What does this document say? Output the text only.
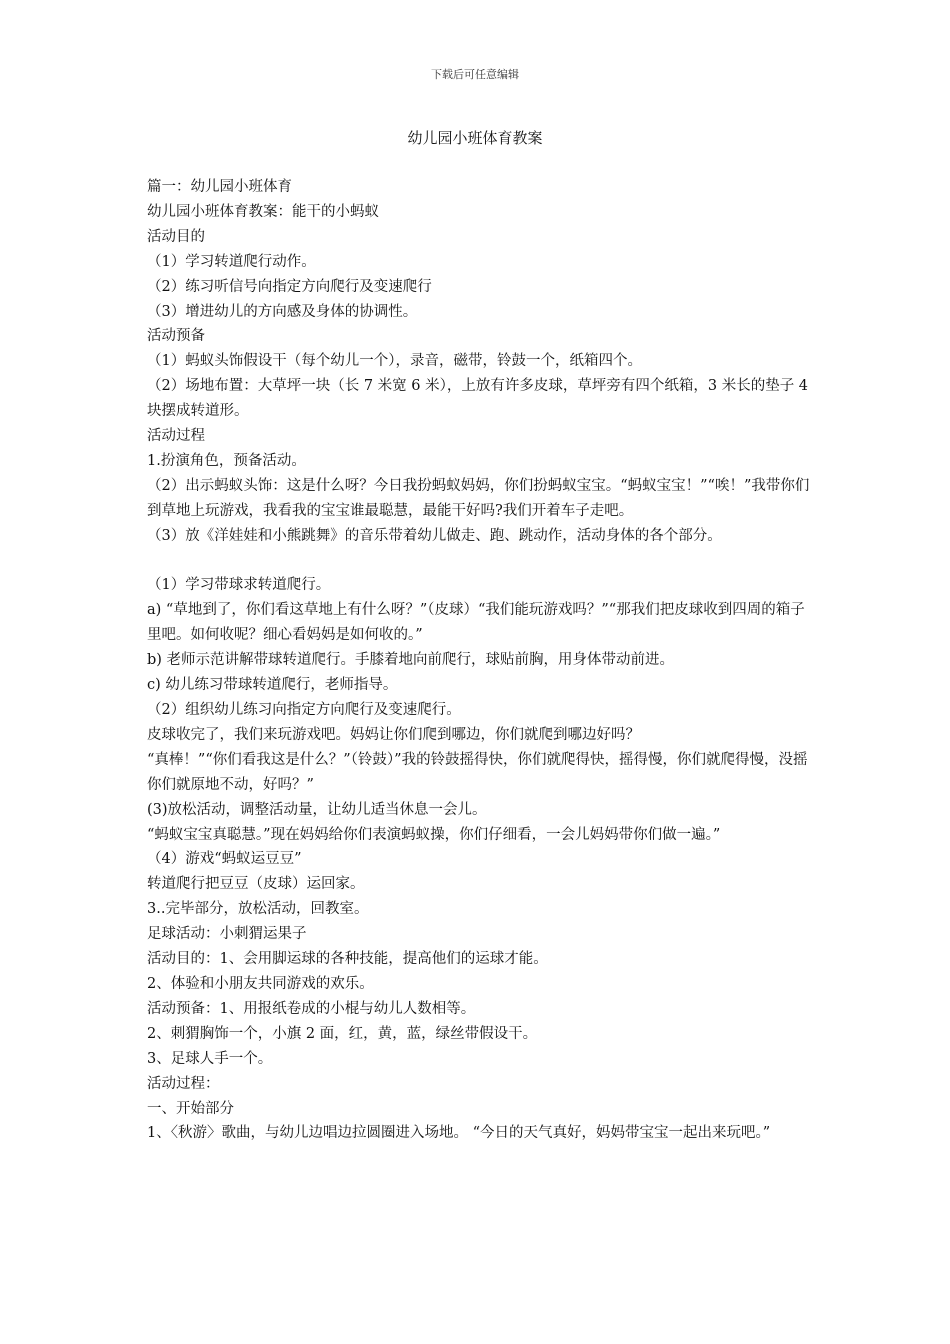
下载后可任意编辑
幼儿园小班体育教案

篇一：幼儿园小班体育

幼儿园小班体育教案：能干的小蚂蚁

活动目的

（1）学习转道爬行动作。

（2）练习听信号向指定方向爬行及变速爬行

（3）增进幼儿的方向感及身体的协调性。

活动预备

（1）蚂蚁头饰假设干（每个幼儿一个），录音，磁带，铃鼓一个，纸箱四个。

（2）场地布置：大草坪一块（长 7 米宽 6 米），上放有许多皮球，草坪旁有四个纸箱，3 米长的垫子 4 块摆成转道形。

活动过程

1.扮演角色，预备活动。

（2）出示蚂蚁头饰：这是什么呀？今日我扮蚂蚁妈妈，你们扮蚂蚁宝宝。“蚂蚁宝宝！”“唉！”我带你们到草地上玩游戏，我看我的宝宝谁最聪慧，最能干好吗?我们开着车子走吧。

（3）放《洋娃娃和小熊跳舞》的音乐带着幼儿做走、跑、跳动作，活动身体的各个部分。

（1）学习带球求转道爬行。

a) “草地到了，你们看这草地上有什么呀？”（皮球）“我们能玩游戏吗？”“那我们把皮球收到四周的箱子里吧。如何收呢？细心看妈妈是如何收的。”

b) 老师示范讲解带球转道爬行。手膝着地向前爬行，球贴前胸，用身体带动前进。

c) 幼儿练习带球转道爬行，老师指导。

（2）组织幼儿练习向指定方向爬行及变速爬行。

皮球收完了，我们来玩游戏吧。妈妈让你们爬到哪边，你们就爬到哪边好吗？

“真棒！”“你们看我这是什么？”（铃鼓）”我的铃鼓摇得快，你们就爬得快，摇得慢，你们就爬得慢，没摇你们就原地不动，好吗？”

(3)放松活动，调整活动量，让幼儿适当休息一会儿。

“蚂蚁宝宝真聪慧。”现在妈妈给你们表演蚂蚁操，你们仔细看，一会儿妈妈带你们做一遍。”

（4）游戏“蚂蚁运豆豆”

转道爬行把豆豆（皮球）运回家。

3..完毕部分，放松活动，回教室。

足球活动：小刺猬运果子

活动目的：1、会用脚运球的各种技能，提高他们的运球才能。

2、体验和小朋友共同游戏的欢乐。

活动预备：1、用报纸卷成的小棍与幼儿人数相等。

2、刺猬胸饰一个，小旗 2 面，红，黄，蓝，绿丝带假设干。

3、足球人手一个。

活动过程：

一、开始部分

1、〈秋游〉歌曲，与幼儿边唱边拉圆圈进入场地。 “今日的天气真好，妈妈带宝宝一起出来玩吧。”
